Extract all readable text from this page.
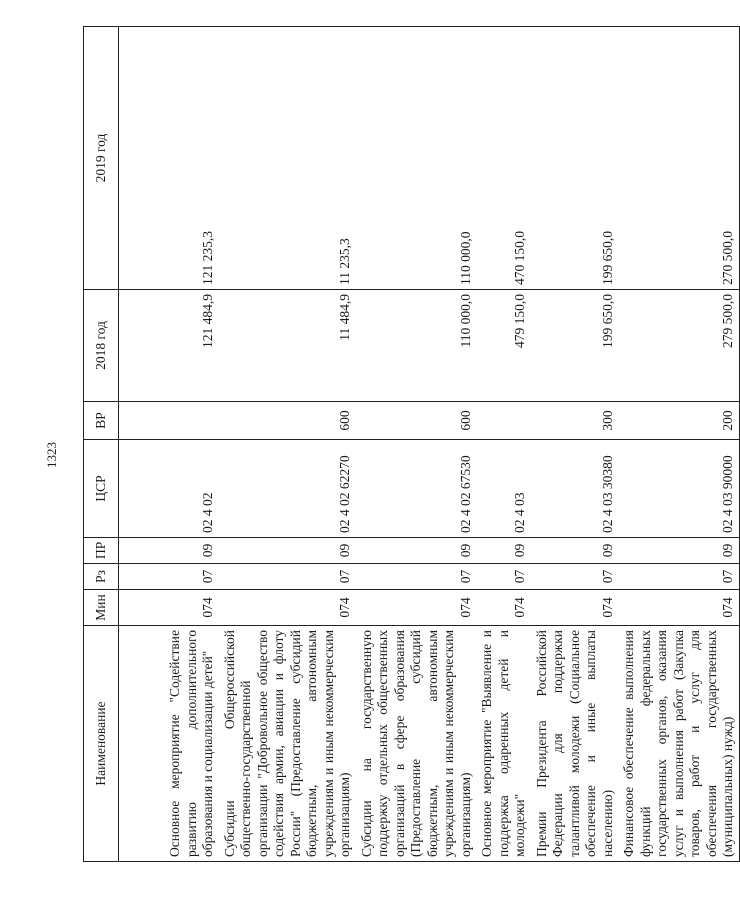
1323
Наименование	Мин	Рз	ПР	ЦСР	ВР	2018 год	2019 год
Основное мероприятие "Содействие развитию дополнительного образования и социализации детей"	074	07	09	02 4 02		121 484,9	121 235,3
Субсидии Общероссийской общественно-государственной организации "Добровольное общество содействия армии, авиации и флоту России" (Предоставление субсидий бюджетным, автономным учреждениям и иным некоммерческим организациям)	074	07	09	02 4 02 62270	600	11 484,9	11 235,3
Субсидии на государственную поддержку отдельных общественных организаций в сфере образования (Предоставление субсидий бюджетным, автономным учреждениям и иным некоммерческим организациям)	074	07	09	02 4 02 67530	600	110 000,0	110 000,0
Основное мероприятие "Выявление и поддержка одаренных детей и молодежи"	074	07	09	02 4 03		479 150,0	470 150,0
Премии Президента Российской Федерации для поддержки талантливой молодежи (Социальное обеспечение и иные выплаты населению)	074	07	09	02 4 03 30380	300	199 650,0	199 650,0
Финансовое обеспечение выполнения функций федеральных государственных органов, оказания услуг и выполнения работ (Закупка товаров, работ и услуг для обеспечения государственных (муниципальных) нужд)	074	07	09	02 4 03 90000	200	279 500,0	270 500,0
